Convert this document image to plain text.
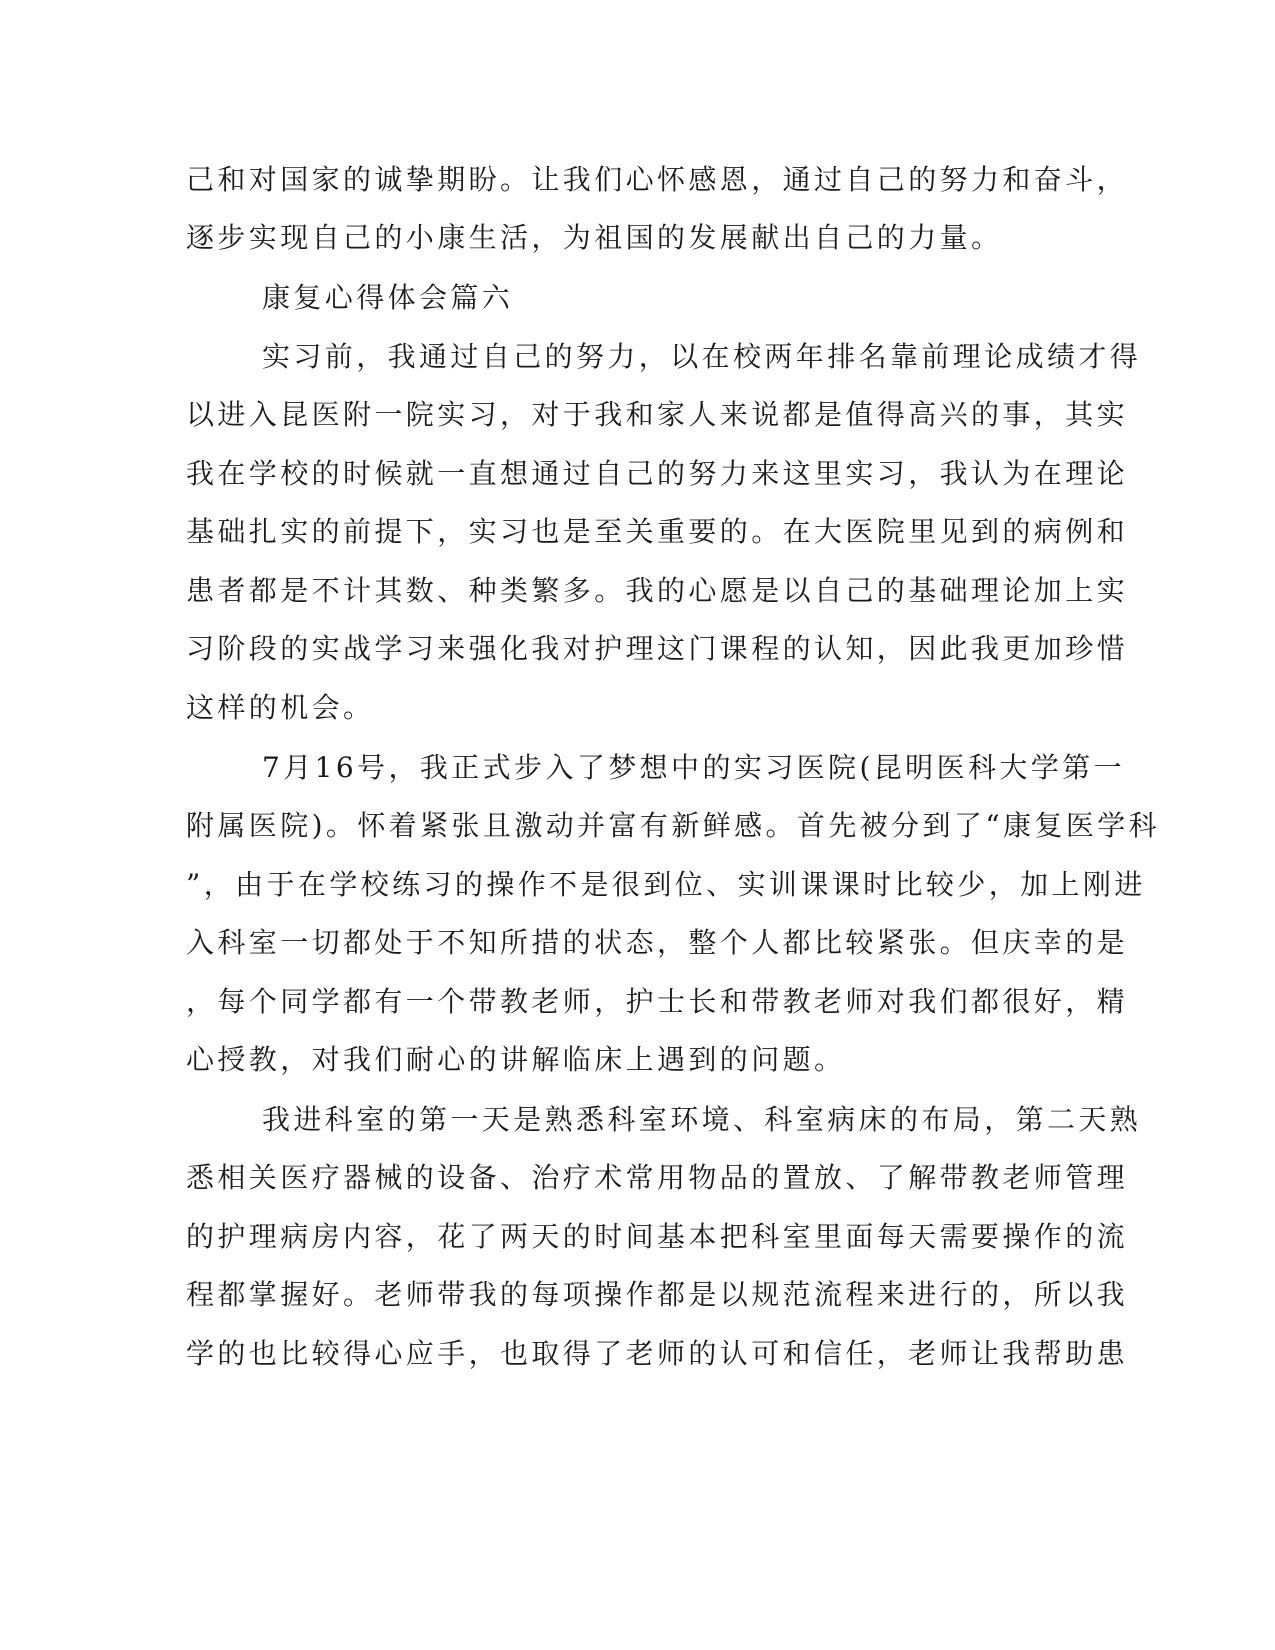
己和对国家的诚挚期盼。让我们心怀感恩，通过自己的努力和奋斗，
逐步实现自己的小康生活，为祖国的发展献出自己的力量。
康复心得体会篇六
实习前，我通过自己的努力，以在校两年排名靠前理论成绩才得
以进入昆医附一院实习，对于我和家人来说都是值得高兴的事，其实
我在学校的时候就一直想通过自己的努力来这里实习，我认为在理论
基础扎实的前提下，实习也是至关重要的。在大医院里见到的病例和
患者都是不计其数、种类繁多。我的心愿是以自己的基础理论加上实
习阶段的实战学习来强化我对护理这门课程的认知，因此我更加珍惜
这样的机会。
7月16号，我正式步入了梦想中的实习医院(昆明医科大学第一
附属医院)。怀着紧张且激动并富有新鲜感。首先被分到了“康复医学科
”，由于在学校练习的操作不是很到位、实训课课时比较少，加上刚进
入科室一切都处于不知所措的状态，整个人都比较紧张。但庆幸的是
，每个同学都有一个带教老师，护士长和带教老师对我们都很好，精
心授教，对我们耐心的讲解临床上遇到的问题。
我进科室的第一天是熟悉科室环境、科室病床的布局，第二天熟
悉相关医疗器械的设备、治疗术常用物品的置放、了解带教老师管理
的护理病房内容，花了两天的时间基本把科室里面每天需要操作的流
程都掌握好。老师带我的每项操作都是以规范流程来进行的，所以我
学的也比较得心应手，也取得了老师的认可和信任，老师让我帮助患
